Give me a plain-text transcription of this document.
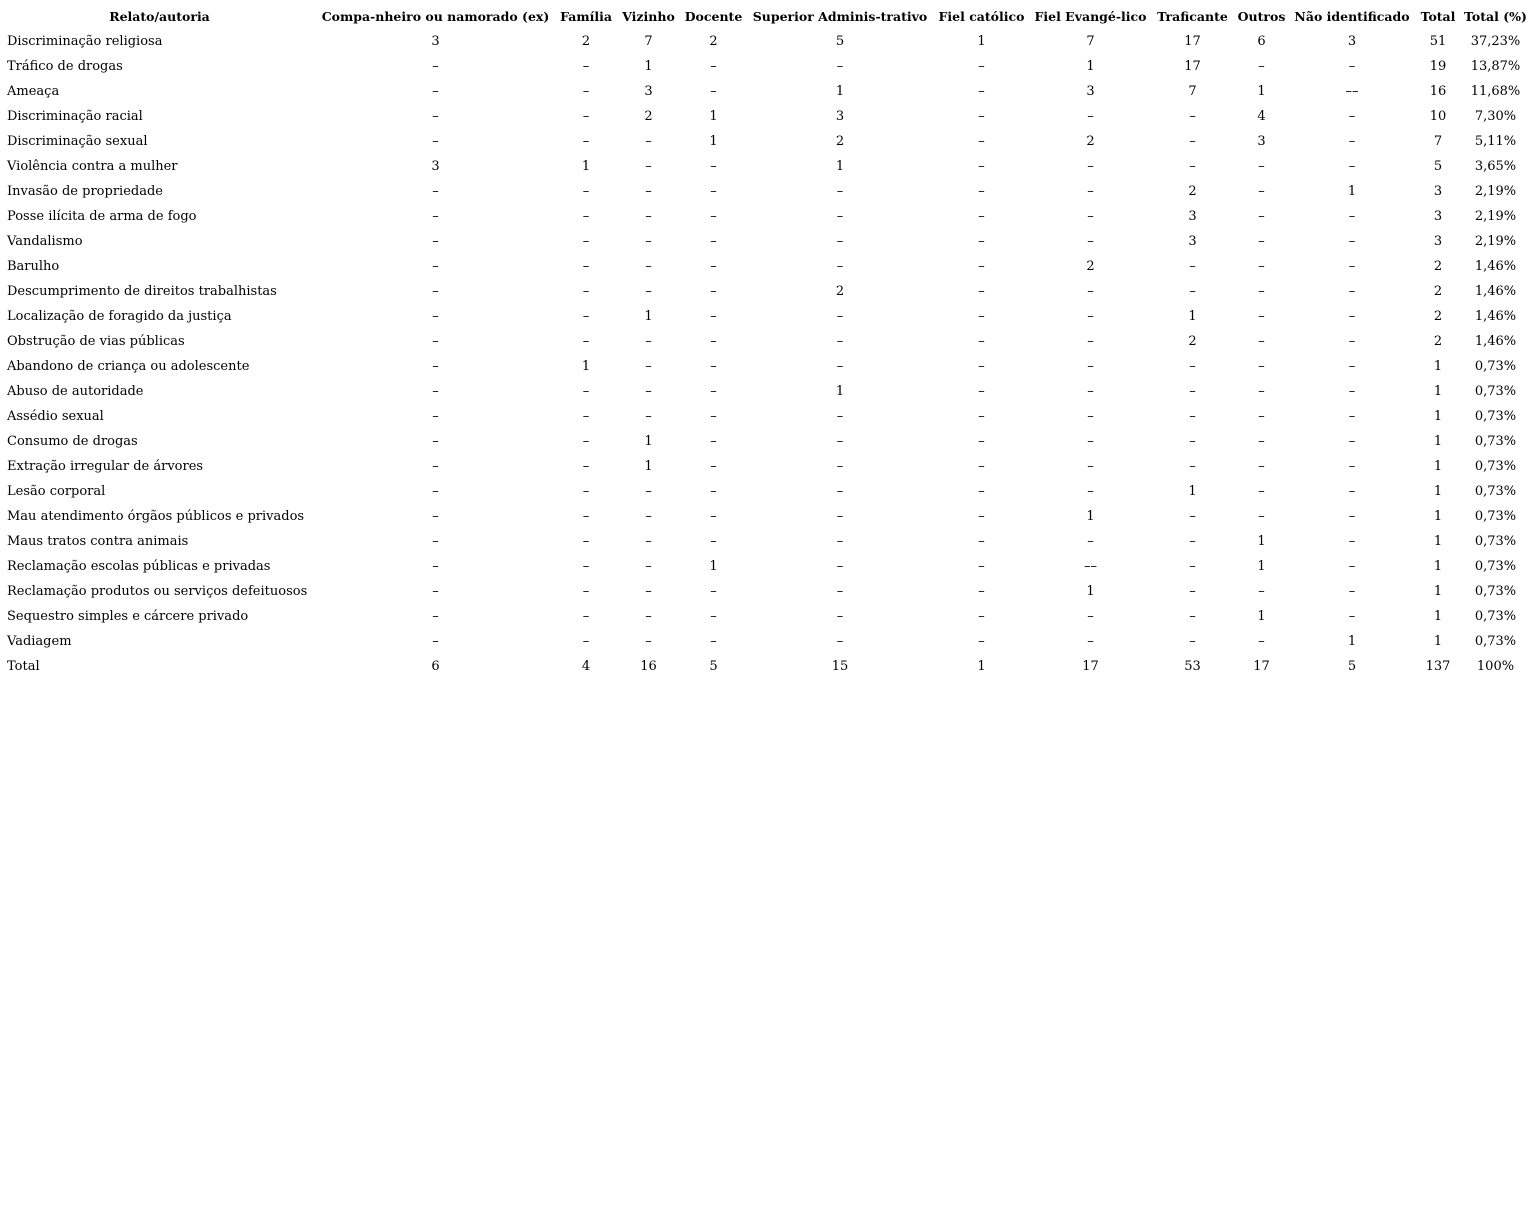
Relato/autoria	Compa-nheiro ou namorado (ex)	Família	Vizinho	Docente	Superior Adminis-trativo	Fiel católico	Fiel Evangé-lico	Traficante	Outros	Não identificado	Total	Total (%)
Discriminação religiosa	3	2	7	2	5	1	7	17	6	3	51	37,23%
Tráfico de drogas	–	–	1	–	–	–	1	17	–	–	19	13,87%
Ameaça	–	–	3	–	1	–	3	7	1	––	16	11,68%
Discriminação racial	–	–	2	1	3	–	–	–	4	–	10	7,30%
Discriminação sexual	–	–	–	1	2	–	2	–	3	–	7	5,11%
Violência contra a mulher	3	1	–	–	1	–	–	–	–	–	5	3,65%
Invasão de propriedade	–	–	–	–	–	–	–	2	–	1	3	2,19%
Posse ilícita de arma de fogo	–	–	–	–	–	–	–	3	–	–	3	2,19%
Vandalismo	–	–	–	–	–	–	–	3	–	–	3	2,19%
Barulho	–	–	–	–	–	–	2	–	–	–	2	1,46%
Descumprimento de direitos trabalhistas	–	–	–	–	2	–	–	–	–	–	2	1,46%
Localização de foragido da justiça	–	–	1	–	–	–	–	1	–	–	2	1,46%
Obstrução de vias públicas	–	–	–	–	–	–	–	2	–	–	2	1,46%
Abandono de criança ou adolescente	–	1	–	–	–	–	–	–	–	–	1	0,73%
Abuso de autoridade	–	–	–	–	1	–	–	–	–	–	1	0,73%
Assédio sexual	–	–	–	–	–	–	–	–	–	–	1	0,73%
Consumo de drogas	–	–	1	–	–	–	–	–	–	–	1	0,73%
Extração irregular de árvores	–	–	1	–	–	–	–	–	–	–	1	0,73%
Lesão corporal	–	–	–	–	–	–	–	1	–	–	1	0,73%
Mau atendimento órgãos públicos e privados	–	–	–	–	–	–	1	–	–	–	1	0,73%
Maus tratos contra animais	–	–	–	–	–	–	–	–	1	–	1	0,73%
Reclamação escolas públicas e privadas	–	–	–	1	–	–	––	–	1	–	1	0,73%
Reclamação produtos ou serviços defeituosos	–	–	–	–	–	–	1	–	–	–	1	0,73%
Sequestro simples e cárcere privado	–	–	–	–	–	–	–	–	1	–	1	0,73%
Vadiagem	–	–	–	–	–	–	–	–	–	1	1	0,73%
Total	6	4	16	5	15	1	17	53	17	5	137	100%
